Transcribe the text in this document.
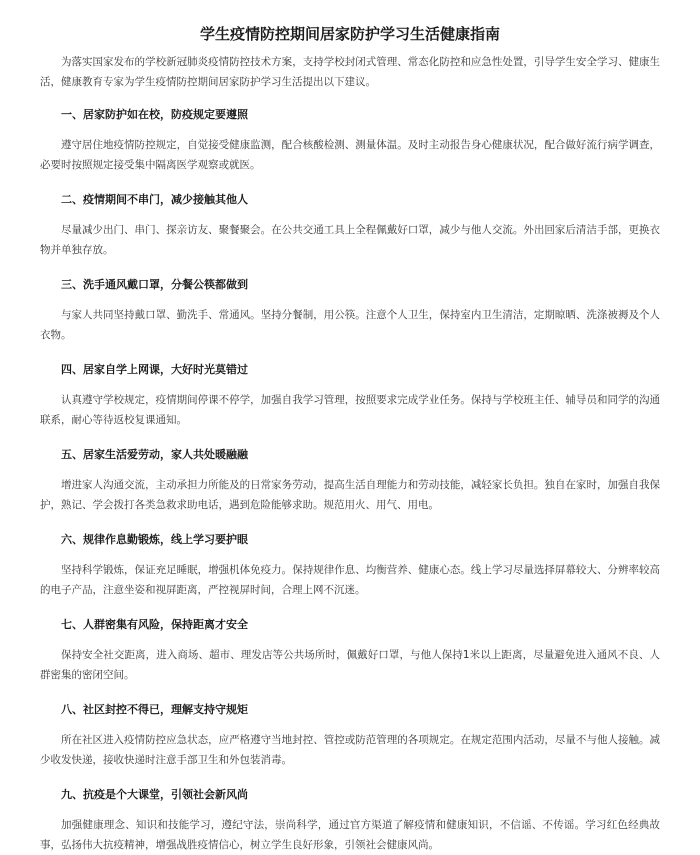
学生疫情防控期间居家防护学习生活健康指南

为落实国家发布的学校新冠肺炎疫情防控技术方案，支持学校封闭式管理、常态化防控和应急性处置，引导学生安全学习、健康生活，健康教育专家为学生疫情防控期间居家防护学习生活提出以下建议。

一、居家防护如在校，防疫规定要遵照

遵守居住地疫情防控规定，自觉接受健康监测，配合核酸检测、测量体温。及时主动报告身心健康状况，配合做好流行病学调查，必要时按照规定接受集中隔离医学观察或就医。

二、疫情期间不串门，减少接触其他人

尽量减少出门、串门、探亲访友、聚餐聚会。在公共交通工具上全程佩戴好口罩，减少与他人交流。外出回家后清洁手部，更换衣物并单独存放。

三、洗手通风戴口罩，分餐公筷都做到

与家人共同坚持戴口罩、勤洗手、常通风。坚持分餐制，用公筷。注意个人卫生，保持室内卫生清洁，定期晾晒、洗涤被褥及个人衣物。

四、居家自学上网课，大好时光莫错过

认真遵守学校规定，疫情期间停课不停学，加强自我学习管理，按照要求完成学业任务。保持与学校班主任、辅导员和同学的沟通联系，耐心等待返校复课通知。

五、居家生活爱劳动，家人共处暖融融

增进家人沟通交流，主动承担力所能及的日常家务劳动，提高生活自理能力和劳动技能，减轻家长负担。独自在家时，加强自我保护，熟记、学会拨打各类急救求助电话，遇到危险能够求助。规范用火、用气、用电。

六、规律作息勤锻炼，线上学习要护眼

坚持科学锻炼，保证充足睡眠，增强机体免疫力。保持规律作息、均衡营养、健康心态。线上学习尽量选择屏幕较大、分辨率较高的电子产品，注意坐姿和视屏距离，严控视屏时间，合理上网不沉迷。

七、人群密集有风险，保持距离才安全

保持安全社交距离，进入商场、超市、理发店等公共场所时，佩戴好口罩，与他人保持1米以上距离，尽量避免进入通风不良、人群密集的密闭空间。

八、社区封控不得已，理解支持守规矩

所在社区进入疫情防控应急状态，应严格遵守当地封控、管控或防范管理的各项规定。在规定范围内活动，尽量不与他人接触。减少收发快递，接收快递时注意手部卫生和外包装消毒。

九、抗疫是个大课堂，引领社会新风尚

加强健康理念、知识和技能学习，遵纪守法，崇尚科学，通过官方渠道了解疫情和健康知识，不信谣、不传谣。学习红色经典故事，弘扬伟大抗疫精神，增强战胜疫情信心，树立学生良好形象，引领社会健康风尚。
